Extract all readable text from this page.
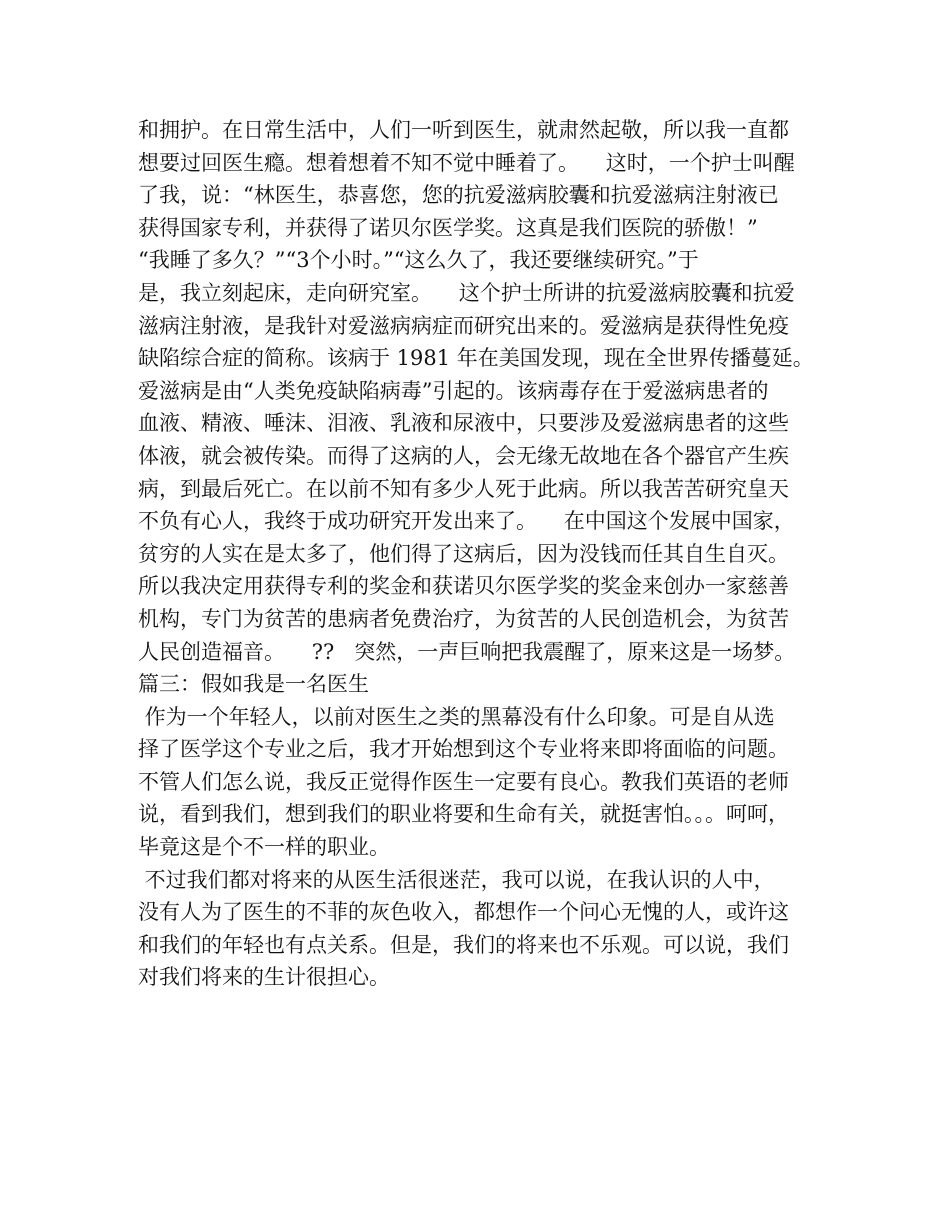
和拥护。在日常生活中，人们一听到医生，就肃然起敬，所以我一直都
想要过回医生瘾。想着想着不知不觉中睡着了。    这时，一个护士叫醒
了我，说：“林医生，恭喜您，您的抗爱滋病胶囊和抗爱滋病注射液已
获得国家专利，并获得了诺贝尔医学奖。这真是我们医院的骄傲！”
“我睡了多久？”“3个小时。”“这么久了，我还要继续研究。”于
是，我立刻起床，走向研究室。    这个护士所讲的抗爱滋病胶囊和抗爱
滋病注射液，是我针对爱滋病病症而研究出来的。爱滋病是获得性免疫
缺陷综合症的简称。该病于 1981 年在美国发现，现在全世界传播蔓延。
爱滋病是由“人类免疫缺陷病毒”引起的。该病毒存在于爱滋病患者的
血液、精液、唾沫、泪液、乳液和尿液中，只要涉及爱滋病患者的这些
体液，就会被传染。而得了这病的人，会无缘无故地在各个器官产生疾
病，到最后死亡。在以前不知有多少人死于此病。所以我苦苦研究皇天
不负有心人，我终于成功研究开发出来了。    在中国这个发展中国家，
贫穷的人实在是太多了，他们得了这病后，因为没钱而任其自生自灭。
所以我决定用获得专利的奖金和获诺贝尔医学奖的奖金来创办一家慈善
机构，专门为贫苦的患病者免费治疗，为贫苦的人民创造机会，为贫苦
人民创造福音。    ??   突然，一声巨响把我震醒了，原来这是一场梦。
篇三：假如我是一名医生
作为一个年轻人，以前对医生之类的黑幕没有什么印象。可是自从选
择了医学这个专业之后，我才开始想到这个专业将来即将面临的问题。
不管人们怎么说，我反正觉得作医生一定要有良心。教我们英语的老师
说，看到我们，想到我们的职业将要和生命有关，就挺害怕。。。呵呵，
毕竟这是个不一样的职业。
不过我们都对将来的从医生活很迷茫，我可以说，在我认识的人中，
没有人为了医生的不菲的灰色收入，都想作一个问心无愧的人，或许这
和我们的年轻也有点关系。但是，我们的将来也不乐观。可以说，我们
对我们将来的生计很担心。
